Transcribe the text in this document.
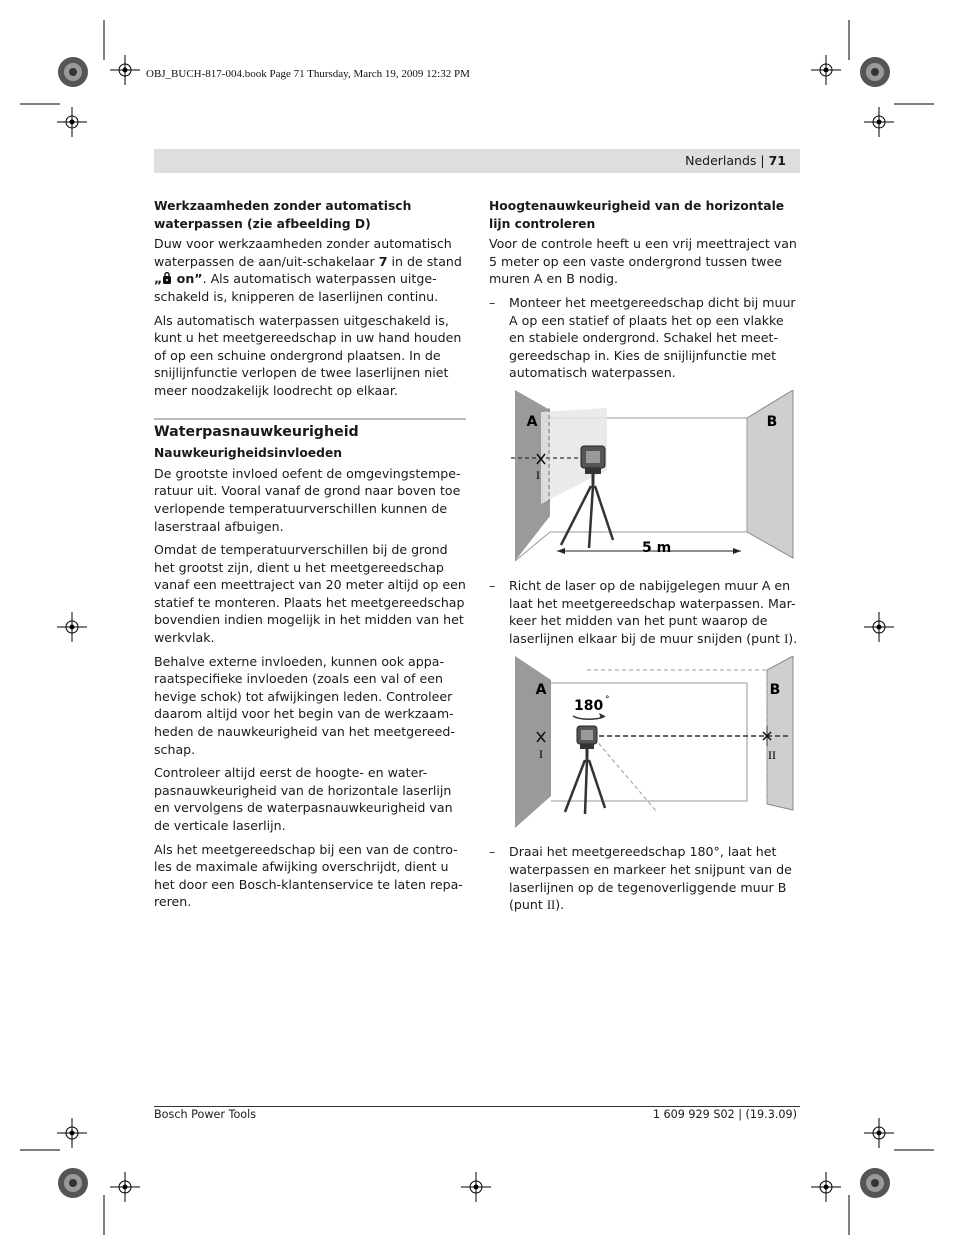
OBJ_BUCH-817-004.book Page 71 Thursday, March 19, 2009 12:32 PM
Nederlands | 71
Werkzaamheden zonder automatisch waterpassen (zie afbeelding D)

Duw voor werkzaamheden zonder automatisch waterpassen de aan/uit-schakelaar 7 in de stand „ on”. Als automatisch waterpassen uitge-schakeld is, knipperen de laserlijnen continu.

Als automatisch waterpassen uitgeschakeld is, kunt u het meetgereedschap in uw hand houden of op een schuine ondergrond plaatsen. In de snijlijnfunctie verlopen de twee laserlijnen niet meer noodzakelijk loodrecht op elkaar.

Waterpasnauwkeurigheid
Nauwkeurigheidsinvloeden

De grootste invloed oefent de omgevingstempe-ratuur uit. Vooral vanaf de grond naar boven toe verlopende temperatuurverschillen kunnen de laserstraal afbuigen.

Omdat de temperatuurverschillen bij de grond het grootst zijn, dient u het meetgereedschap vanaf een meettraject van 20 meter altijd op een statief te monteren. Plaats het meetgereedschap bovendien indien mogelijk in het midden van het werkvlak.

Behalve externe invloeden, kunnen ook appa-raatspecifieke invloeden (zoals een val of een hevige schok) tot afwijkingen leden. Controleer daarom altijd voor het begin van de werkzaam-heden de nauwkeurigheid van het meetgereed-schap.

Controleer altijd eerst de hoogte- en water-pasnauwkeurigheid van de horizontale laserlijn en vervolgens de waterpasnauwkeurigheid van de verticale laserlijn.

Als het meetgereedschap bij een van de contro-les de maximale afwijking overschrijdt, dient u het door een Bosch-klantenservice te laten repa-reren.

Hoogtenauwkeurigheid van de horizontale lijn controleren

Voor de controle heeft u een vrij meettraject van 5 meter op een vaste ondergrond tussen twee muren A en B nodig.

– Monteer het meetgereedschap dicht bij muur A op een statief of plaats het op een vlakke en stabiele ondergrond. Schakel het meet-gereedschap in. Kies de snijlijnfunctie met automatisch waterpassen.
A	B
I
5 m
– Richt de laser op de nabijgelegen muur A en laat het meetgereedschap waterpassen. Mar-keer het midden van het punt waarop de laserlijnen elkaar bij de muur snijden (punt I).
A	B
I	II
180 °
– Draai het meetgereedschap 180°, laat het waterpassen en markeer het snijpunt van de laserlijnen op de tegenoverliggende muur B (punt II).
Bosch Power Tools	1 609 929 S02 | (19.3.09)
